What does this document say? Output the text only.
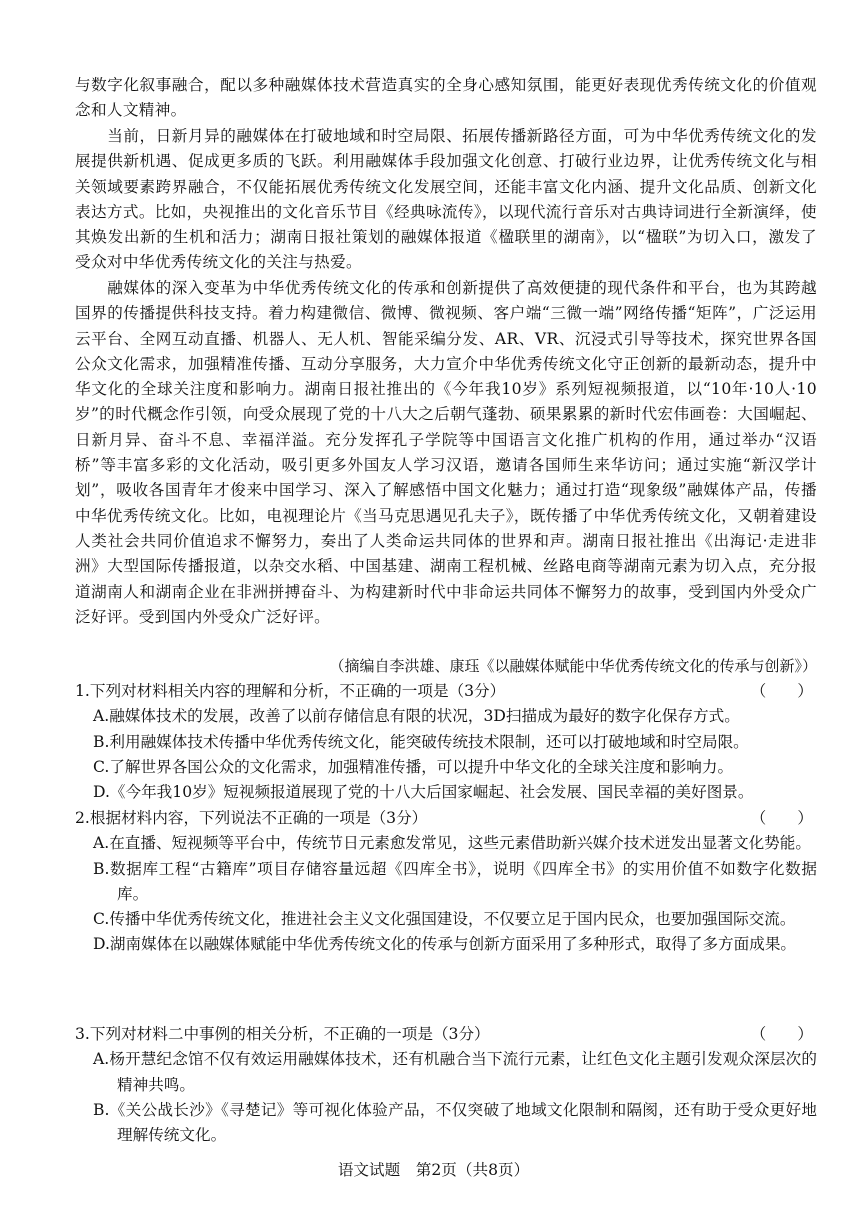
与数字化叙事融合，配以多种融媒体技术营造真实的全身心感知氛围，能更好表现优秀传统文化的价值观念和人文精神。

　　当前，日新月异的融媒体在打破地域和时空局限、拓展传播新路径方面，可为中华优秀传统文化的发展提供新机遇、促成更多质的飞跃。利用融媒体手段加强文化创意、打破行业边界，让优秀传统文化与相关领域要素跨界融合，不仅能拓展优秀传统文化发展空间，还能丰富文化内涵、提升文化品质、创新文化表达方式。比如，央视推出的文化音乐节目《经典咏流传》，以现代流行音乐对古典诗词进行全新演绎，使其焕发出新的生机和活力；湖南日报社策划的融媒体报道《楹联里的湖南》，以“楹联”为切入口，激发了受众对中华优秀传统文化的关注与热爱。

　　融媒体的深入变革为中华优秀传统文化的传承和创新提供了高效便捷的现代条件和平台，也为其跨越国界的传播提供科技支持。着力构建微信、微博、微视频、客户端“三微一端”网络传播“矩阵”，广泛运用云平台、全网互动直播、机器人、无人机、智能采编分发、AR、VR、沉浸式引导等技术，探究世界各国公众文化需求，加强精准传播、互动分享服务，大力宣介中华优秀传统文化守正创新的最新动态，提升中华文化的全球关注度和影响力。湖南日报社推出的《今年我10岁》系列短视频报道，以“10年·10人·10岁”的时代概念作引领，向受众展现了党的十八大之后朝气蓬勃、硕果累累的新时代宏伟画卷：大国崛起、日新月异、奋斗不息、幸福洋溢。充分发挥孔子学院等中国语言文化推广机构的作用，通过举办“汉语桥”等丰富多彩的文化活动，吸引更多外国友人学习汉语，邀请各国师生来华访问；通过实施“新汉学计划”，吸收各国青年才俊来中国学习、深入了解感悟中国文化魅力；通过打造“现象级”融媒体产品，传播中华优秀传统文化。比如，电视理论片《当马克思遇见孔夫子》，既传播了中华优秀传统文化，又朝着建设人类社会共同价值追求不懈努力，奏出了人类命运共同体的世界和声。湖南日报社推出《出海记·走进非洲》大型国际传播报道，以杂交水稻、中国基建、湖南工程机械、丝路电商等湖南元素为切入点，充分报道湖南人和湖南企业在非洲拼搏奋斗、为构建新时代中非命运共同体不懈努力的故事，受到国内外受众广泛好评。受到国内外受众广泛好评。

（摘编自李洪雄、康珏《以融媒体赋能中华优秀传统文化的传承与创新》）

1.下列对材料相关内容的理解和分析，不正确的一项是（3分）	（　　）
A.融媒体技术的发展，改善了以前存储信息有限的状况，3D扫描成为最好的数字化保存方式。
B.利用融媒体技术传播中华优秀传统文化，能突破传统技术限制，还可以打破地域和时空局限。
C.了解世界各国公众的文化需求，加强精准传播，可以提升中华文化的全球关注度和影响力。
D.《今年我10岁》短视频报道展现了党的十八大后国家崛起、社会发展、国民幸福的美好图景。
2.根据材料内容，下列说法不正确的一项是（3分）	（　　）
A.在直播、短视频等平台中，传统节日元素愈发常见，这些元素借助新兴媒介技术迸发出显著文化势能。
B.数据库工程“古籍库”项目存储容量远超《四库全书》，说明《四库全书》的实用价值不如数字化数据库。
C.传播中华优秀传统文化，推进社会主义文化强国建设，不仅要立足于国内民众，也要加强国际交流。
D.湖南媒体在以融媒体赋能中华优秀传统文化的传承与创新方面采用了多种形式，取得了多方面成果。
3.下列对材料二中事例的相关分析，不正确的一项是（3分）	（　　）
A.杨开慧纪念馆不仅有效运用融媒体技术，还有机融合当下流行元素，让红色文化主题引发观众深层次的精神共鸣。
B.《关公战长沙》《寻楚记》等可视化体验产品，不仅突破了地域文化限制和隔阂，还有助于受众更好地理解传统文化。
语文试题　第2页（共8页）
